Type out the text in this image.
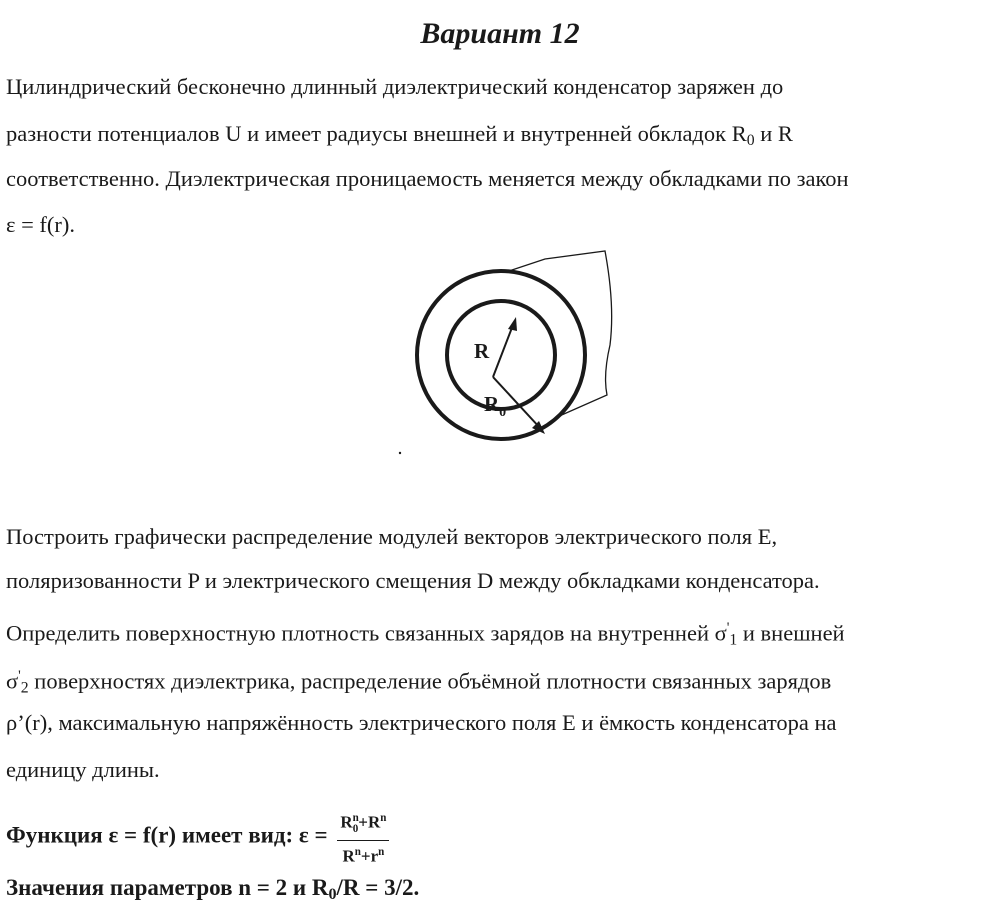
Вариант 12
Цилиндрический бесконечно длинный диэлектрический конденсатор заряжен до
разности потенциалов U и имеет радиусы внешней и внутренней обкладок R0 и R
соответственно. Диэлектрическая проницаемость меняется между обкладками по закон
ε = f(r).
R
$R_0$
Построить графически распределение модулей векторов электрического поля E,
поляризованности P и электрического смещения D между обкладками конденсатора.
Определить поверхностную плотность связанных зарядов на внутренней σ'1 и внешней
σ'2 поверхностях диэлектрика, распределение объёмной плотности связанных зарядов
ρ’(r), максимальную напряжённость электрического поля E и ёмкость конденсатора на
единицу длины.
Функция ε = f(r) имеет вид: $\varepsilon = \frac{R^n_0+R^n}{R^n+r^n}$
Значения параметров n = 2 и R0/R = 3/2.
